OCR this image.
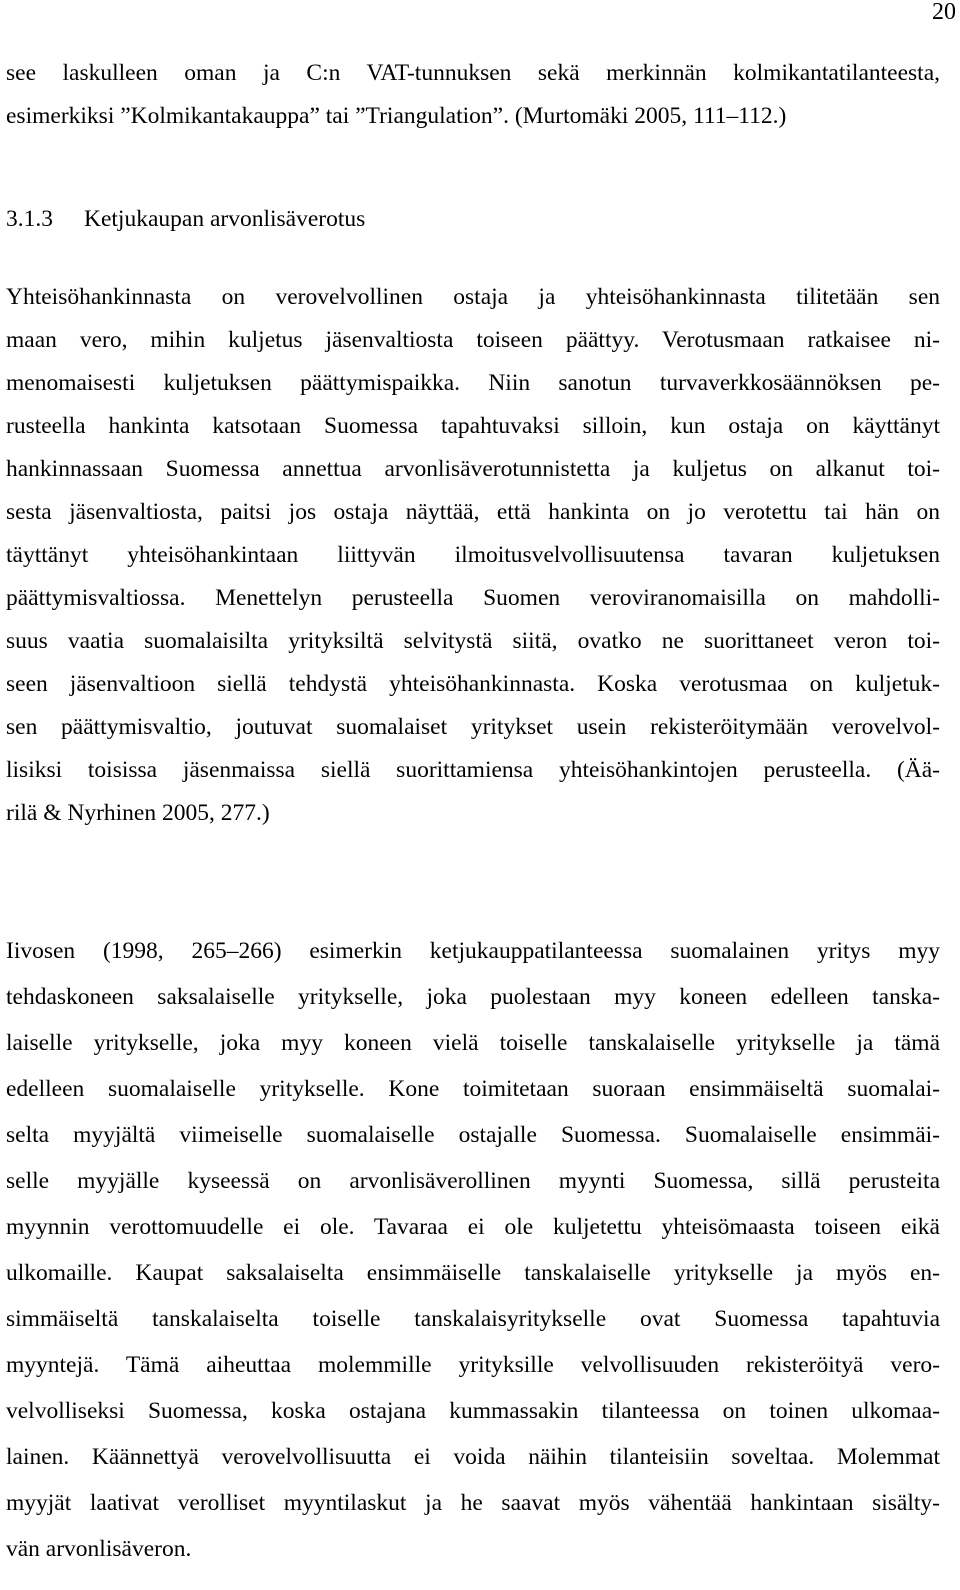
20
see laskulleen oman ja C:n VAT-tunnuksen sekä merkinnän kolmikantatilanteesta,
esimerkiksi ”Kolmikantakauppa” tai ”Triangulation”. (Murtomäki 2005, 111–112.)
3.1.3 Ketjukaupan arvonlisäverotus
Yhteisöhankinnasta on verovelvollinen ostaja ja yhteisöhankinnasta tilitetään sen
maan vero, mihin kuljetus jäsenvaltiosta toiseen päättyy. Verotusmaan ratkaisee ni-
menomaisesti kuljetuksen päättymispaikka. Niin sanotun turvaverkkosäännöksen pe-
rusteella hankinta katsotaan Suomessa tapahtuvaksi silloin, kun ostaja on käyttänyt
hankinnassaan Suomessa annettua arvonlisäverotunnistetta ja kuljetus on alkanut toi-
sesta jäsenvaltiosta, paitsi jos ostaja näyttää, että hankinta on jo verotettu tai hän on
täyttänyt yhteisöhankintaan liittyvän ilmoitusvelvollisuutensa tavaran kuljetuksen
päättymisvaltiossa. Menettelyn perusteella Suomen veroviranomaisilla on mahdolli-
suus vaatia suomalaisilta yrityksiltä selvitystä siitä, ovatko ne suorittaneet veron toi-
seen jäsenvaltioon siellä tehdystä yhteisöhankinnasta. Koska verotusmaa on kuljetuk-
sen päättymisvaltio, joutuvat suomalaiset yritykset usein rekisteröitymään verovelvol-
lisiksi toisissa jäsenmaissa siellä suorittamiensa yhteisöhankintojen perusteella. (Ää-
rilä & Nyrhinen 2005, 277.)
Iivosen (1998, 265–266) esimerkin ketjukauppatilanteessa suomalainen yritys myy
tehdaskoneen saksalaiselle yritykselle, joka puolestaan myy koneen edelleen tanska-
laiselle yritykselle, joka myy koneen vielä toiselle tanskalaiselle yritykselle ja tämä
edelleen suomalaiselle yritykselle. Kone toimitetaan suoraan ensimmäiseltä suomalai-
selta myyjältä viimeiselle suomalaiselle ostajalle Suomessa. Suomalaiselle ensimmäi-
selle myyjälle kyseessä on arvonlisäverollinen myynti Suomessa, sillä perusteita
myynnin verottomuudelle ei ole. Tavaraa ei ole kuljetettu yhteisömaasta toiseen eikä
ulkomaille. Kaupat saksalaiselta ensimmäiselle tanskalaiselle yritykselle ja myös en-
simmäiseltä tanskalaiselta toiselle tanskalaisyritykselle ovat Suomessa tapahtuvia
myyntejä. Tämä aiheuttaa molemmille yrityksille velvollisuuden rekisteröityä vero-
velvolliseksi Suomessa, koska ostajana kummassakin tilanteessa on toinen ulkomaa-
lainen. Käännettyä verovelvollisuutta ei voida näihin tilanteisiin soveltaa. Molemmat
myyjät laativat verolliset myyntilaskut ja he saavat myös vähentää hankintaan sisälty-
vän arvonlisäveron.
